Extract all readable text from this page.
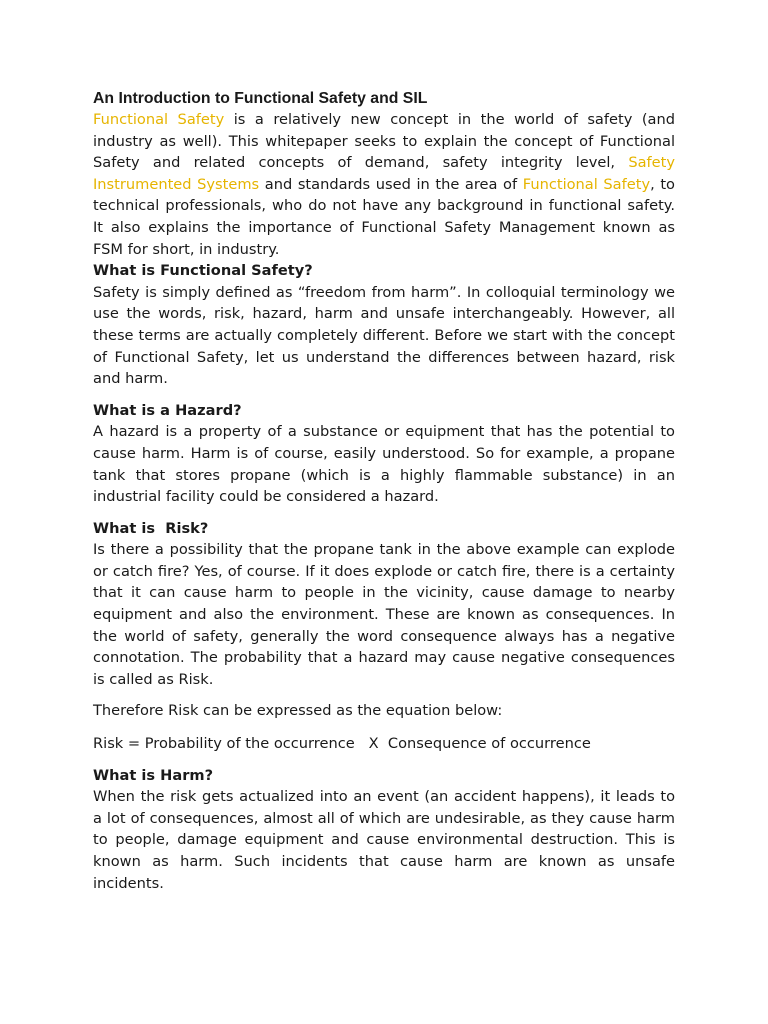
An Introduction to Functional Safety and SIL

Functional Safety is a relatively new concept in the world of safety (and industry as well). This whitepaper seeks to explain the concept of Functional Safety and related concepts of demand, safety integrity level, Safety Instrumented Systems and standards used in the area of Functional Safety, to technical professionals, who do not have any background in functional safety. It also explains the importance of Functional Safety Management known as FSM for short, in industry.

What is Functional Safety?

Safety is simply defined as “freedom from harm”. In colloquial terminology we use the words, risk, hazard, harm and unsafe interchangeably. However, all these terms are actually completely different. Before we start with the concept of Functional Safety, let us understand the differences between hazard, risk and harm.

What is a Hazard?

A hazard is a property of a substance or equipment that has the potential to cause harm. Harm is of course, easily understood. So for example, a propane tank that stores propane (which is a highly flammable substance) in an industrial facility could be considered a hazard.

What is  Risk?

Is there a possibility that the propane tank in the above example can explode or catch fire? Yes, of course. If it does explode or catch fire, there is a certainty that it can cause harm to people in the vicinity, cause damage to nearby equipment and also the environment. These are known as consequences. In the world of safety, generally the word consequence always has a negative connotation. The probability that a hazard may cause negative consequences is called as Risk.

Therefore Risk can be expressed as the equation below:

Risk = Probability of the occurrence   X  Consequence of occurrence

What is Harm?

When the risk gets actualized into an event (an accident happens), it leads to a lot of consequences, almost all of which are undesirable, as they cause harm to people, damage equipment and cause environmental destruction. This is known as harm. Such incidents that cause harm are known as unsafe incidents.
